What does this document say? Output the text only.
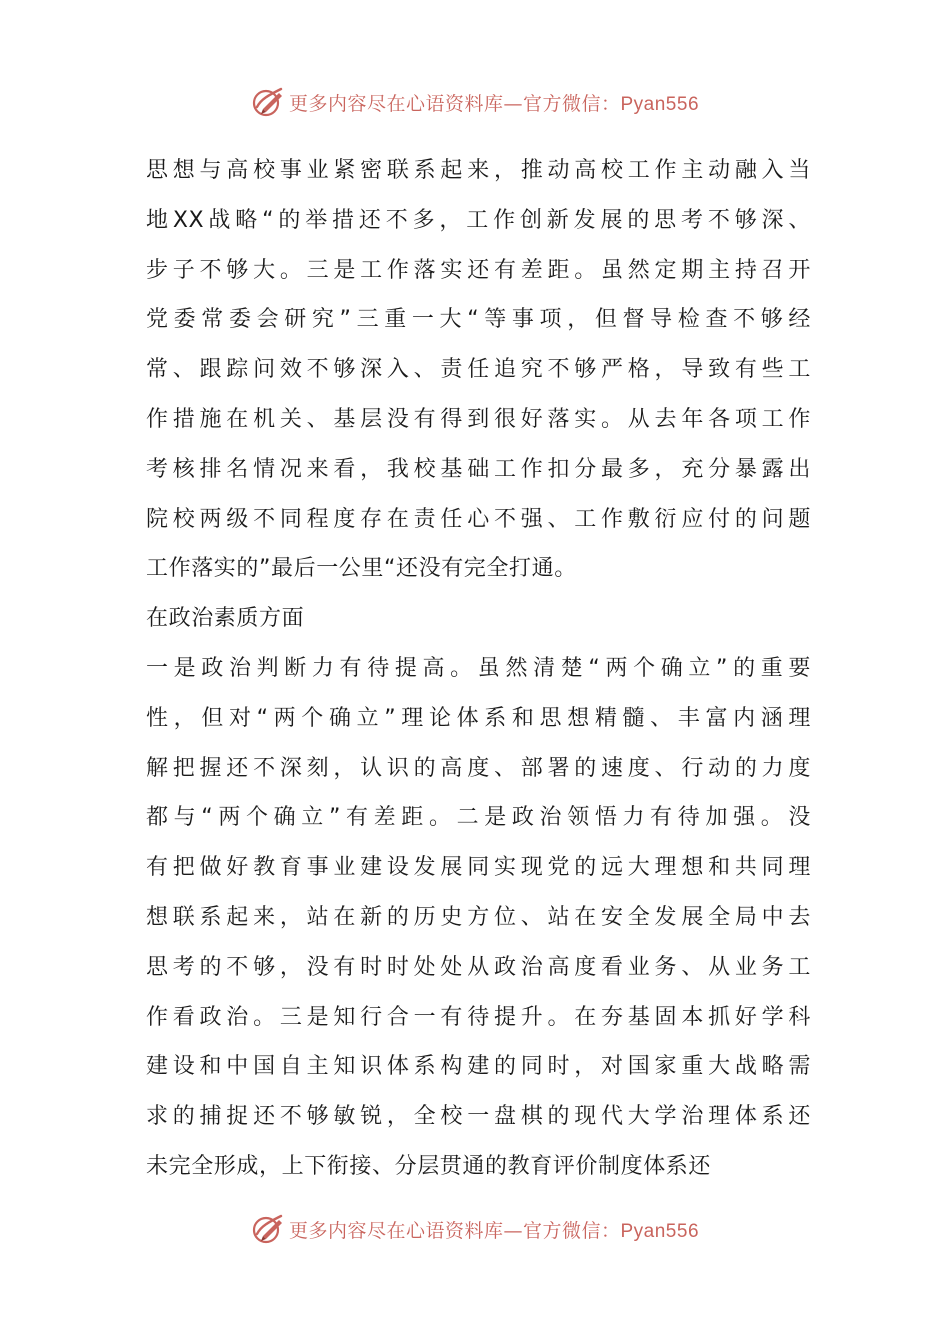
更多内容尽在心语资料库—官方微信：Pyan556
思想与高校事业紧密联系起来，推动高校工作主动融入当
地XX战略“的举措还不多，工作创新发展的思考不够深、
步子不够大。三是工作落实还有差距。虽然定期主持召开
党委常委会研究”三重一大“等事项，但督导检查不够经
常、跟踪问效不够深入、责任追究不够严格，导致有些工
作措施在机关、基层没有得到很好落实。从去年各项工作
考核排名情况来看，我校基础工作扣分最多，充分暴露出
院校两级不同程度存在责任心不强、工作敷衍应付的问题
工作落实的”最后一公里“还没有完全打通。
在政治素质方面
一是政治判断力有待提高。虽然清楚“两个确立”的重要
性，但对“两个确立”理论体系和思想精髓、丰富内涵理
解把握还不深刻，认识的高度、部署的速度、行动的力度
都与“两个确立”有差距。二是政治领悟力有待加强。没
有把做好教育事业建设发展同实现党的远大理想和共同理
想联系起来，站在新的历史方位、站在安全发展全局中去
思考的不够，没有时时处处从政治高度看业务、从业务工
作看政治。三是知行合一有待提升。在夯基固本抓好学科
建设和中国自主知识体系构建的同时，对国家重大战略需
求的捕捉还不够敏锐，全校一盘棋的现代大学治理体系还
未完全形成，上下衔接、分层贯通的教育评价制度体系还
更多内容尽在心语资料库—官方微信：Pyan556
